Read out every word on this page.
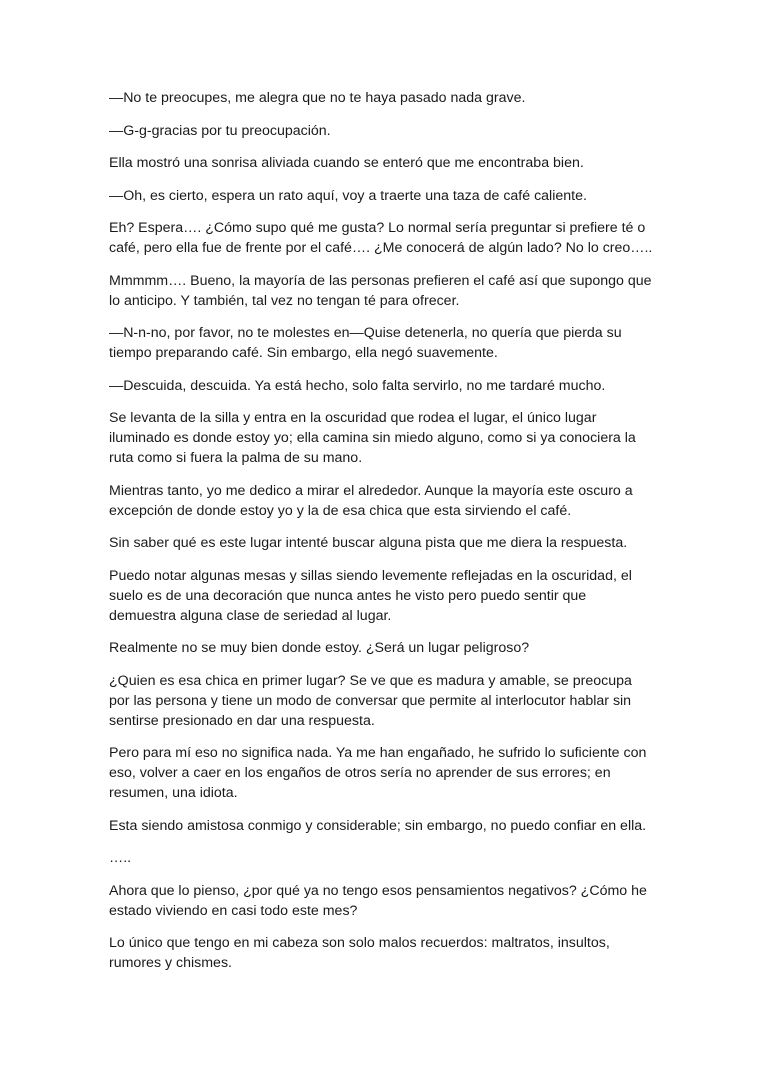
—No te preocupes, me alegra que no te haya pasado nada grave.

—G-g-gracias por tu preocupación.

Ella mostró una sonrisa aliviada cuando se enteró que me encontraba bien.

—Oh, es cierto, espera un rato aquí, voy a traerte una taza de café caliente.

Eh? Espera…. ¿Cómo supo qué me gusta? Lo normal sería preguntar si prefiere té o café, pero ella fue de frente por el café…. ¿Me conocerá de algún lado? No lo creo…..

Mmmmm…. Bueno, la mayoría de las personas prefieren el café así que supongo que lo anticipo. Y también, tal vez no tengan té para ofrecer.

—N-n-no, por favor, no te molestes en—Quise detenerla, no quería que pierda su tiempo preparando café. Sin embargo, ella negó suavemente.

—Descuida, descuida. Ya está hecho, solo falta servirlo, no me tardaré mucho.

Se levanta de la silla y entra en la oscuridad que rodea el lugar, el único lugar iluminado es donde estoy yo; ella camina sin miedo alguno, como si ya conociera la ruta como si fuera la palma de su mano.

Mientras tanto, yo me dedico a mirar el alrededor. Aunque la mayoría este oscuro a excepción de donde estoy yo y la de esa chica que esta sirviendo el café.

Sin saber qué es este lugar intenté buscar alguna pista que me diera la respuesta.

Puedo notar algunas mesas y sillas siendo levemente reflejadas en la oscuridad, el suelo es de una decoración que nunca antes he visto pero puedo sentir que demuestra alguna clase de seriedad al lugar.

Realmente no se muy bien donde estoy. ¿Será un lugar peligroso?

¿Quien es esa chica en primer lugar? Se ve que es madura y amable, se preocupa por las persona y tiene un modo de conversar que permite al interlocutor hablar sin sentirse presionado en dar una respuesta.

Pero para mí eso no significa nada. Ya me han engañado, he sufrido lo suficiente con eso, volver a caer en los engaños de otros sería no aprender de sus errores; en resumen, una idiota.

Esta siendo amistosa conmigo y considerable; sin embargo, no puedo confiar en ella.

…..

Ahora que lo pienso, ¿por qué ya no tengo esos pensamientos negativos? ¿Cómo he estado viviendo en casi todo este mes?

Lo único que tengo en mi cabeza son solo malos recuerdos: maltratos, insultos, rumores y chismes.
